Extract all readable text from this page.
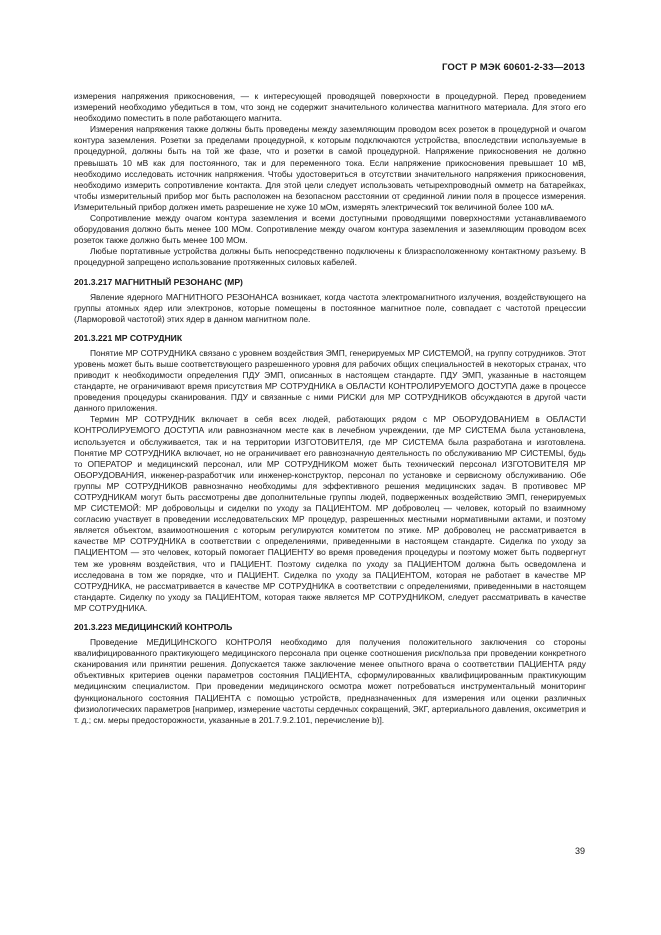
ГОСТ Р МЭК 60601-2-33—2013

измерения напряжения прикосновения, — к интересующей проводящей поверхности в процедурной. Перед проведением измерений необходимо убедиться в том, что зонд не содержит значительного количества магнитного материала. Для этого его необходимо поместить в поле работающего магнита.

Измерения напряжения также должны быть проведены между заземляющим проводом всех розеток в процедурной и очагом контура заземления. Розетки за пределами процедурной, к которым подключаются устройства, впоследствии используемые в процедурной, должны быть на той же фазе, что и розетки в самой процедурной. Напряжение прикосновения не должно превышать 10 мВ как для постоянного, так и для переменного тока. Если напряжение прикосновения превышает 10 мВ, необходимо исследовать источник напряжения. Чтобы удостовериться в отсутствии значительного напряжения прикосновения, необходимо измерить сопротивление контакта. Для этой цели следует использовать четырехпроводный омметр на батарейках, чтобы измерительный прибор мог быть расположен на безопасном расстоянии от срединной линии поля в процессе измерения. Измерительный прибор должен иметь разрешение не хуже 10 мОм, измерять электрический ток величиной более 100 мА.

Сопротивление между очагом контура заземления и всеми доступными проводящими поверхностями устанавливаемого оборудования должно быть менее 100 МОм. Сопротивление между очагом контура заземления и заземляющим проводом всех розеток также должно быть менее 100 МОм.

Любые портативные устройства должны быть непосредственно подключены к близрасположенному контактному разъему. В процедурной запрещено использование протяженных силовых кабелей.

201.3.217 МАГНИТНЫЙ РЕЗОНАНС (МР)

Явление ядерного МАГНИТНОГО РЕЗОНАНСА возникает, когда частота электромагнитного излучения, воздействующего на группы атомных ядер или электронов, которые помещены в постоянное магнитное поле, совпадает с частотой прецессии (Ларморовой частотой) этих ядер в данном магнитном поле.

201.3.221 МР СОТРУДНИК

Понятие МР СОТРУДНИКА связано с уровнем воздействия ЭМП, генерируемых МР СИСТЕМОЙ, на группу сотрудников. Этот уровень может быть выше соответствующего разрешенного уровня для рабочих общих специальностей в некоторых странах, что приводит к необходимости определения ПДУ ЭМП, описанных в настоящем стандарте. ПДУ ЭМП, указанные в настоящем стандарте, не ограничивают время присутствия МР СОТРУДНИКА в ОБЛАСТИ КОНТРОЛИРУЕМОГО ДОСТУПА даже в процессе проведения процедуры сканирования. ПДУ и связанные с ними РИСКИ для МР СОТРУДНИКОВ обсуждаются в другой части данного приложения.

Термин МР СОТРУДНИК включает в себя всех людей, работающих рядом с МР ОБОРУДОВАНИЕМ в ОБЛАСТИ КОНТРОЛИРУЕМОГО ДОСТУПА или равнозначном месте как в лечебном учреждении, где МР СИСТЕМА была установлена, используется и обслуживается, так и на территории ИЗГОТОВИТЕЛЯ, где МР СИСТЕМА была разработана и изготовлена. Понятие МР СОТРУДНИКА включает, но не ограничивает его равнозначную деятельность по обслуживанию МР СИСТЕМЫ, будь то ОПЕРАТОР и медицинский персонал, или МР СОТРУДНИКОМ может быть технический персонал ИЗГОТОВИТЕЛЯ МР ОБОРУДОВАНИЯ, инженер-разработчик или инженер-конструктор, персонал по установке и сервисному обслуживанию. Обе группы МР СОТРУДНИКОВ равнозначно необходимы для эффективного решения медицинских задач. В противовес МР СОТРУДНИКАМ могут быть рассмотрены две дополнительные группы людей, подверженных воздействию ЭМП, генерируемых МР СИСТЕМОЙ: МР добровольцы и сиделки по уходу за ПАЦИЕНТОМ. МР доброволец — человек, который по взаимному согласию участвует в проведении исследовательских МР процедур, разрешенных местными нормативными актами, и поэтому является объектом, взаимоотношения с которым регулируются комитетом по этике. МР доброволец не рассматривается в качестве МР СОТРУДНИКА в соответствии с определениями, приведенными в настоящем стандарте. Сиделка по уходу за ПАЦИЕНТОМ — это человек, который помогает ПАЦИЕНТУ во время проведения процедуры и поэтому может быть подвергнут тем же уровням воздействия, что и ПАЦИЕНТ. Поэтому сиделка по уходу за ПАЦИЕНТОМ должна быть осведомлена и исследована в том же порядке, что и ПАЦИЕНТ. Сиделка по уходу за ПАЦИЕНТОМ, которая не работает в качестве МР СОТРУДНИКА, не рассматривается в качестве МР СОТРУДНИКА в соответствии с определениями, приведенными в настоящем стандарте. Сиделку по уходу за ПАЦИЕНТОМ, которая также является МР СОТРУДНИКОМ, следует рассматривать в качестве МР СОТРУДНИКА.

201.3.223 МЕДИЦИНСКИЙ КОНТРОЛЬ

Проведение МЕДИЦИНСКОГО КОНТРОЛЯ необходимо для получения положительного заключения со стороны квалифицированного практикующего медицинского персонала при оценке соотношения риск/польза при проведении конкретного сканирования или принятии решения. Допускается также заключение менее опытного врача о соответствии ПАЦИЕНТА ряду объективных критериев оценки параметров состояния ПАЦИЕНТА, сформулированных квалифицированным практикующим медицинским специалистом. При проведении медицинского осмотра может потребоваться инструментальный мониторинг функционального состояния ПАЦИЕНТА с помощью устройств, предназначенных для измерения или оценки различных физиологических параметров [например, измерение частоты сердечных сокращений, ЭКГ, артериального давления, оксиметрия и т. д.; см. меры предосторожности, указанные в 201.7.9.2.101, перечисление b)].

39
